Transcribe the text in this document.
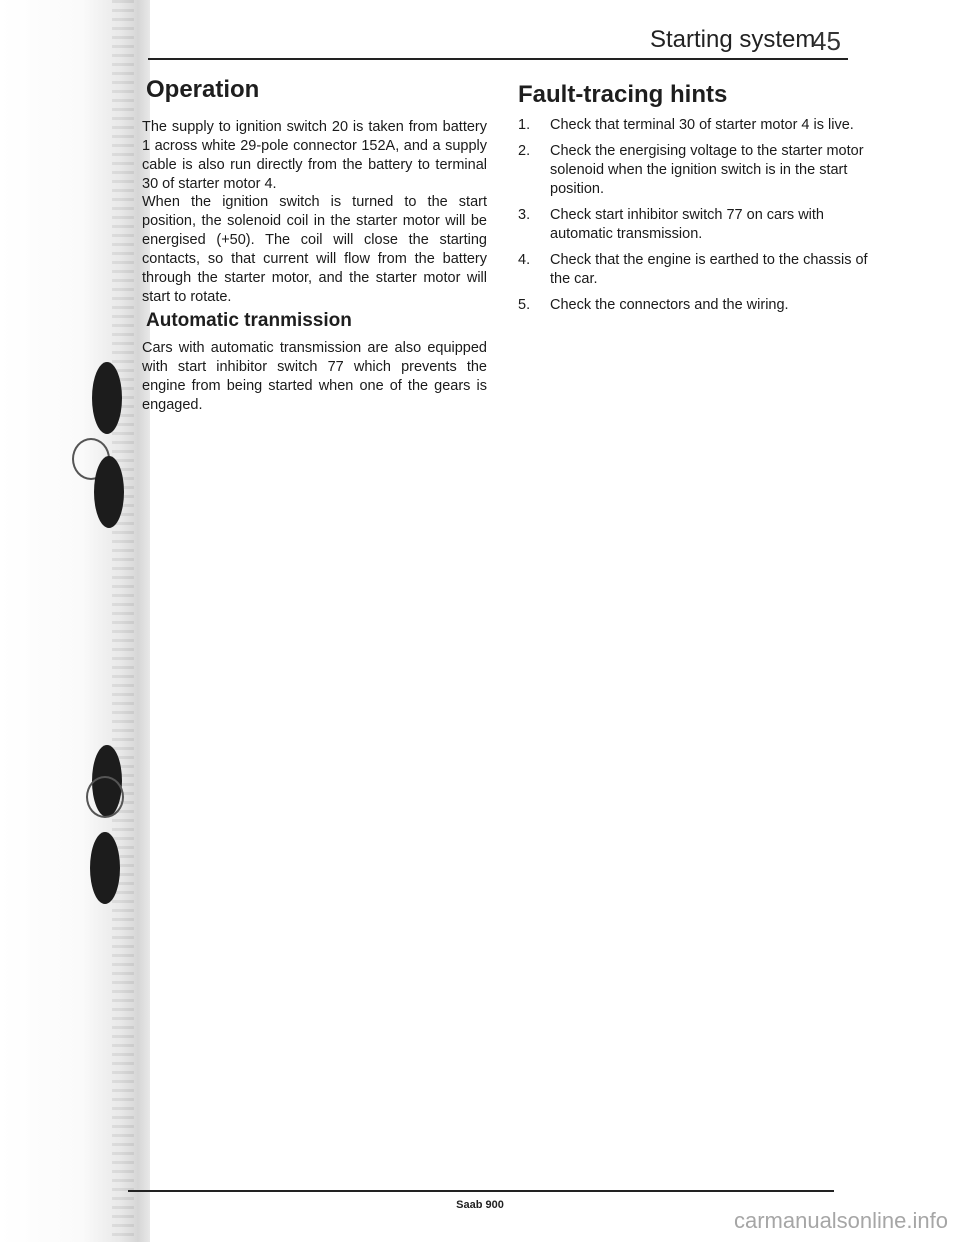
Starting system
45
Operation

The supply to ignition switch 20 is taken from battery 1 across white 29-pole connector 152A, and a supply cable is also run directly from the battery to terminal 30 of starter motor 4.

When the ignition switch is turned to the start position, the solenoid coil in the starter motor will be energised (+50). The coil will close the starting contacts, so that current will flow from the battery through the starter motor, and the starter motor will start to rotate.

Automatic tranmission

Cars with automatic transmission are also equipped with start inhibitor switch 77 which prevents the engine from being started when one of the gears is engaged.

Fault-tracing hints
1. Check that terminal 30 of starter motor 4 is live.
2. Check the energising voltage to the starter motor solenoid when the ignition switch is in the start position.
3. Check start inhibitor switch 77 on cars with automatic transmission.
4. Check that the engine is earthed to the chassis of the car.
5. Check the connectors and the wiring.
Saab 900
carmanualsonline.info
